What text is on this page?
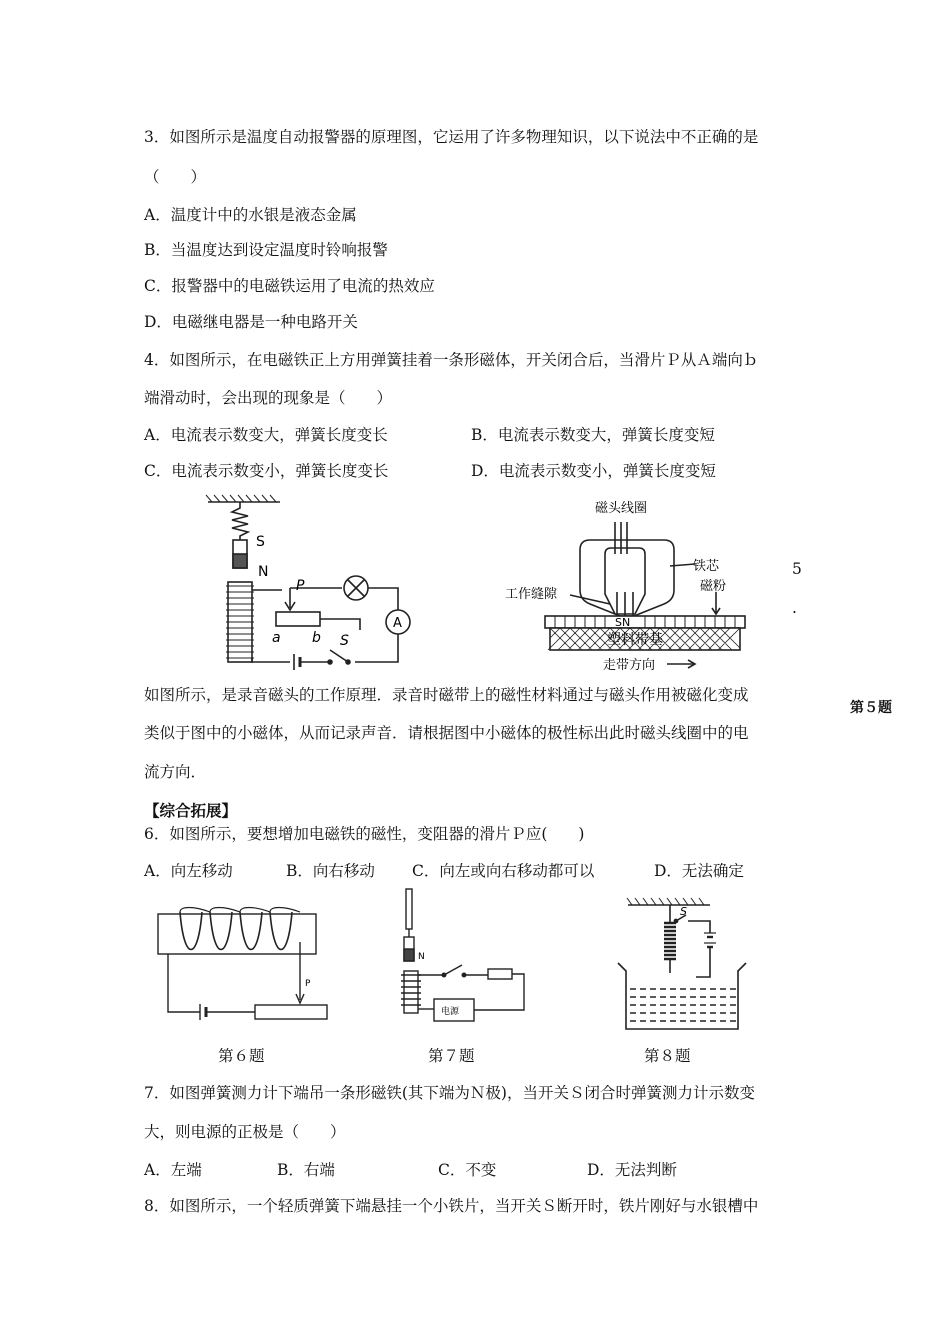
3．如图所示是温度自动报警器的原理图，它运用了许多物理知识，以下说法中不正确的是
（　　）
A．温度计中的水银是液态金属
B．当温度达到设定温度时铃响报警
C．报警器中的电磁铁运用了电流的热效应
D．电磁继电器是一种电路开关
4．如图所示，在电磁铁正上方用弹簧挂着一条形磁体，开关闭合后，当滑片Ｐ从Ａ端向ｂ
端滑动时，会出现的现象是（　　）
A．电流表示数变大，弹簧长度变长	B．电流表示数变大，弹簧长度变短
C．电流表示数变小，弹簧长度变长	D．电流表示数变小，弹簧长度变短
S
N
P
a b S
A
磁头线圈
SN
铁芯
磁粉
工作缝隙
塑料带基
走带方向
5
.
如图所示，是录音磁头的工作原理．录音时磁带上的磁性材料通过与磁头作用被磁化变成
第５题
类似于图中的小磁体，从而记录声音．请根据图中小磁体的极性标出此时磁头线圈中的电
流方向．
【综合拓展】
6．如图所示，要想增加电磁铁的磁性，变阻器的滑片Ｐ应(　　)
A．向左移动	B．向右移动 C．向左或向右移动都可以	D．无法确定
P
第６题
N
电源
第７题
S
第８题
7．如图弹簧测力计下端吊一条形磁铁(其下端为Ｎ极)，当开关Ｓ闭合时弹簧测力计示数变
大，则电源的正极是（　　）
A．左端	B．右端	C．不变	D．无法判断
8．如图所示，一个轻质弹簧下端悬挂一个小铁片，当开关Ｓ断开时，铁片刚好与水银槽中
